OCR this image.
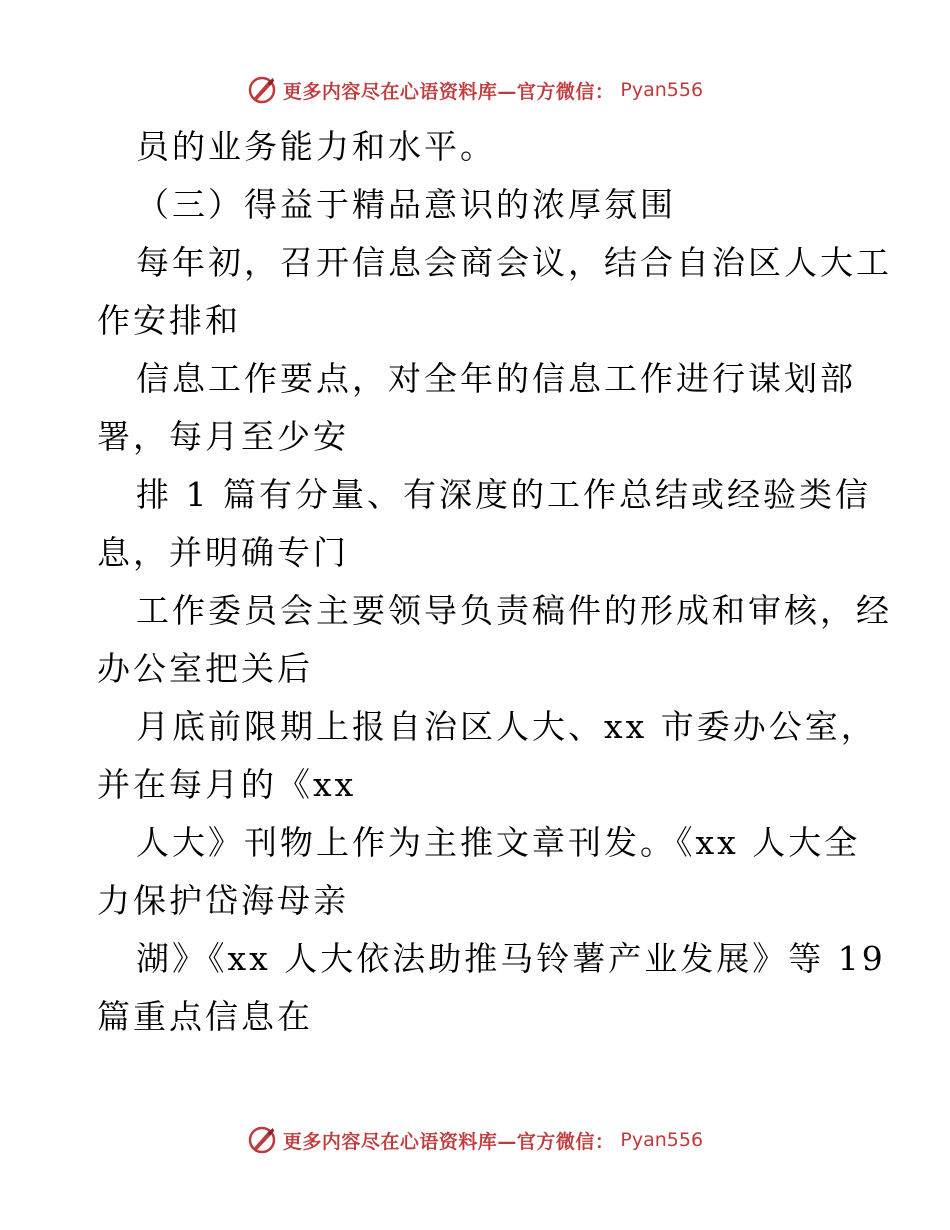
更多内容尽在心语资料库—官方微信： Pyan556
员的业务能力和水平。
（三）得益于精品意识的浓厚氛围
每年初，召开信息会商会议，结合自治区人大工
作安排和
信息工作要点，对全年的信息工作进行谋划部
署，每月至少安
排 1 篇有分量、有深度的工作总结或经验类信
息，并明确专门
工作委员会主要领导负责稿件的形成和审核，经
办公室把关后
月底前限期上报自治区人大、xx 市委办公室，
并在每月的《xx
人大》刊物上作为主推文章刊发。《xx 人大全
力保护岱海母亲
湖》《xx 人大依法助推马铃薯产业发展》等 19
篇重点信息在
更多内容尽在心语资料库—官方微信： Pyan556
